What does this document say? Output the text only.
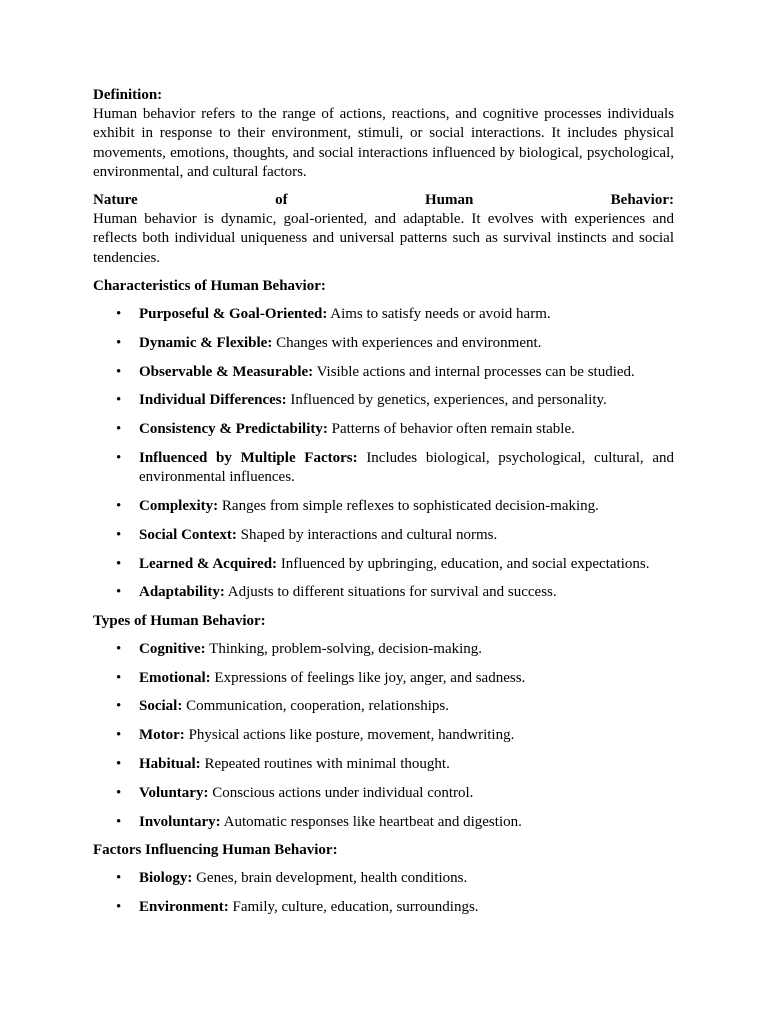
Definition:

Human behavior refers to the range of actions, reactions, and cognitive processes individuals exhibit in response to their environment, stimuli, or social interactions. It includes physical movements, emotions, thoughts, and social interactions influenced by biological, psychological, environmental, and cultural factors.

Nature	of	Human	Behavior:

Human behavior is dynamic, goal-oriented, and adaptable. It evolves with experiences and reflects both individual uniqueness and universal patterns such as survival instincts and social tendencies.

Characteristics of Human Behavior:

• Purposeful & Goal-Oriented: Aims to satisfy needs or avoid harm.
• Dynamic & Flexible: Changes with experiences and environment.
• Observable & Measurable: Visible actions and internal processes can be studied.
• Individual Differences: Influenced by genetics, experiences, and personality.
• Consistency & Predictability: Patterns of behavior often remain stable.
• Influenced by Multiple Factors: Includes biological, psychological, cultural, and environmental influences.
• Complexity: Ranges from simple reflexes to sophisticated decision-making.
• Social Context: Shaped by interactions and cultural norms.
• Learned & Acquired: Influenced by upbringing, education, and social expectations.
• Adaptability: Adjusts to different situations for survival and success.

Types of Human Behavior:

• Cognitive: Thinking, problem-solving, decision-making.
• Emotional: Expressions of feelings like joy, anger, and sadness.
• Social: Communication, cooperation, relationships.
• Motor: Physical actions like posture, movement, handwriting.
• Habitual: Repeated routines with minimal thought.
• Voluntary: Conscious actions under individual control.
• Involuntary: Automatic responses like heartbeat and digestion.

Factors Influencing Human Behavior:

• Biology: Genes, brain development, health conditions.
• Environment: Family, culture, education, surroundings.
